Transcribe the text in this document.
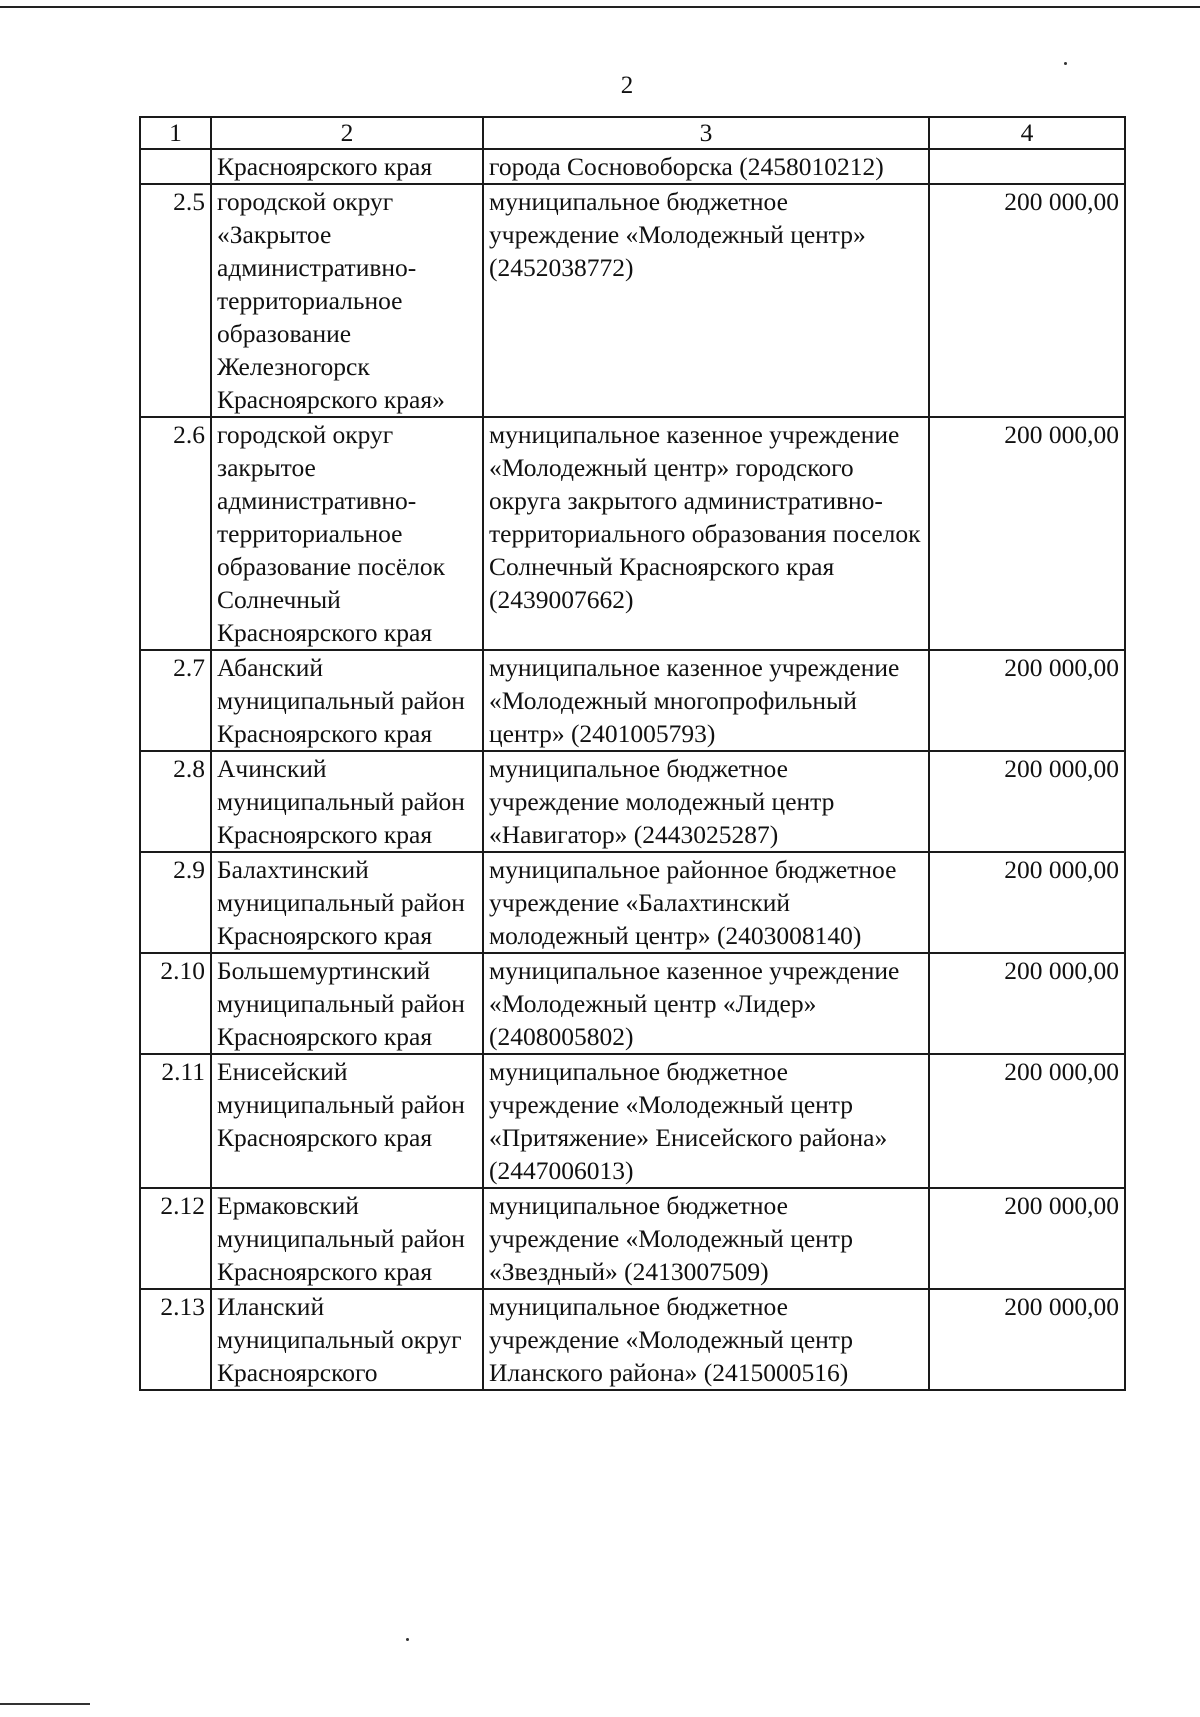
2
1	2	3	4
	Красноярского края	города Сосновоборска (2458010212)	
2.5	городской округ «Закрытое административно-территориальное образование Железногорск Красноярского края»	муниципальное бюджетное учреждение «Молодежный центр» (2452038772)	200 000,00
2.6	городской округ закрытое административно-территориальное образование посёлок Солнечный Красноярского края	муниципальное казенное учреждение «Молодежный центр» городского округа закрытого административно-территориального образования поселок Солнечный Красноярского края (2439007662)	200 000,00
2.7	Абанский муниципальный район Красноярского края	муниципальное казенное учреждение «Молодежный многопрофильный центр» (2401005793)	200 000,00
2.8	Ачинский муниципальный район Красноярского края	муниципальное бюджетное учреждение молодежный центр «Навигатор» (2443025287)	200 000,00
2.9	Балахтинский муниципальный район Красноярского края	муниципальное районное бюджетное учреждение «Балахтинский молодежный центр» (2403008140)	200 000,00
2.10	Большемуртинский муниципальный район Красноярского края	муниципальное казенное учреждение «Молодежный центр «Лидер» (2408005802)	200 000,00
2.11	Енисейский муниципальный район Красноярского края	муниципальное бюджетное учреждение «Молодежный центр «Притяжение» Енисейского района» (2447006013)	200 000,00
2.12	Ермаковский муниципальный район Красноярского края	муниципальное бюджетное учреждение «Молодежный центр «Звездный» (2413007509)	200 000,00
2.13	Иланский муниципальный округ Красноярского	муниципальное бюджетное учреждение «Молодежный центр Иланского района» (2415000516)	200 000,00
